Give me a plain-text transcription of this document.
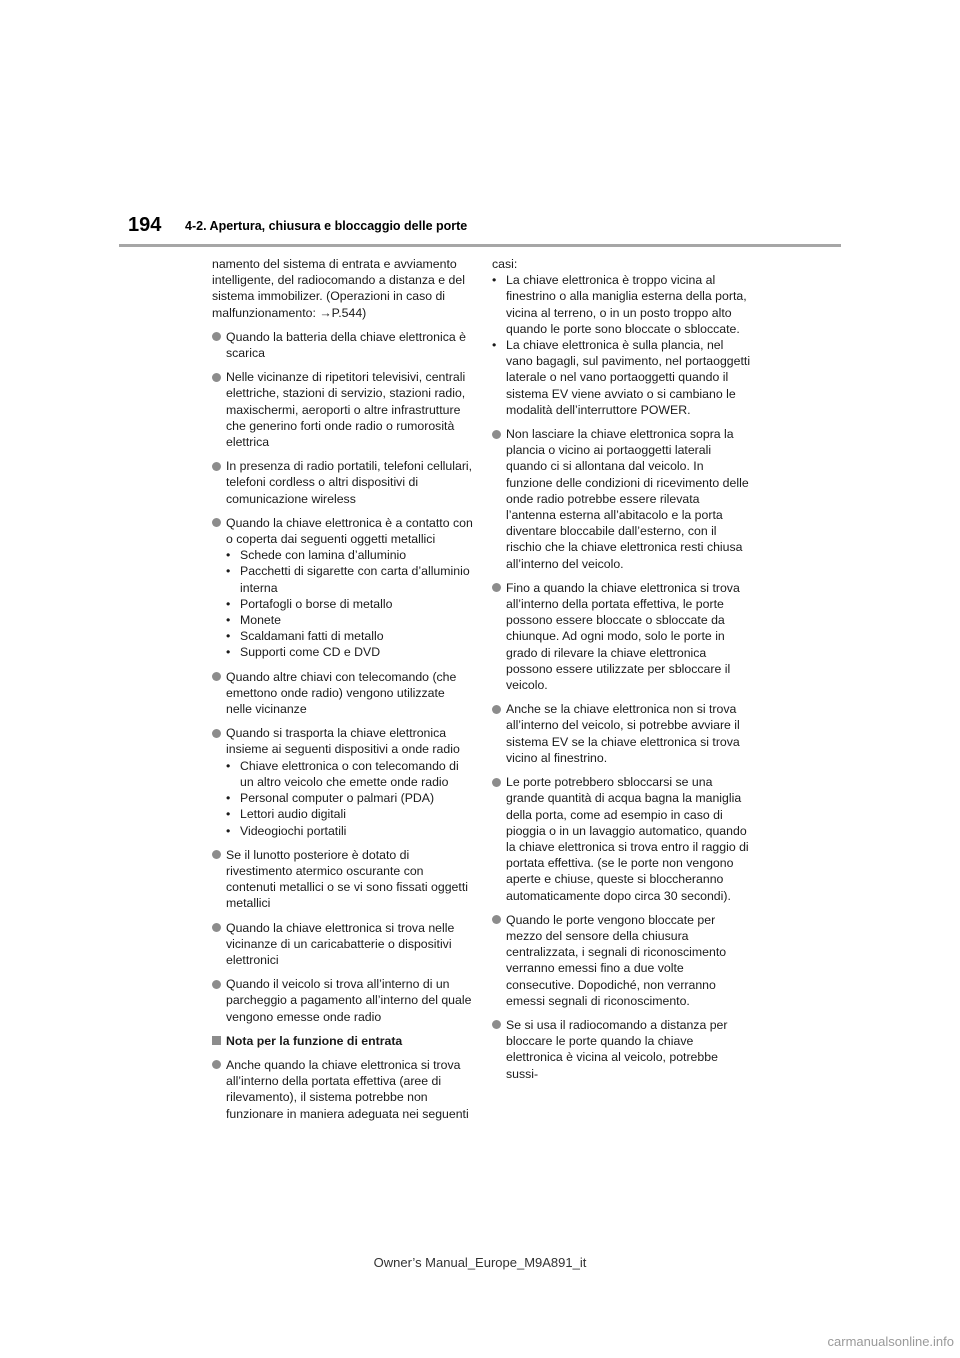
194 4-2. Apertura, chiusura e bloccaggio delle porte

namento del sistema di entrata e avviamento intelligente, del radiocomando a distanza e del sistema immobilizer. (Operazioni in caso di malfunzionamento: →P.544)

Quando la batteria della chiave elettronica è scarica

Nelle vicinanze di ripetitori televisivi, centrali elettriche, stazioni di servizio, stazioni radio, maxischermi, aeroporti o altre infrastrutture che generino forti onde radio o rumorosità elettrica

In presenza di radio portatili, telefoni cellulari, telefoni cordless o altri dispositivi di comunicazione wireless

Quando la chiave elettronica è a contatto con o coperta dai seguenti oggetti metallici

• Schede con lamina d’alluminio
• Pacchetti di sigarette con carta d’alluminio interna
• Portafogli o borse di metallo
• Monete
• Scaldamani fatti di metallo
• Supporti come CD e DVD

Quando altre chiavi con telecomando (che emettono onde radio) vengono utilizzate nelle vicinanze

Quando si trasporta la chiave elettronica insieme ai seguenti dispositivi a onde radio

• Chiave elettronica o con telecomando di un altro veicolo che emette onde radio
• Personal computer o palmari (PDA)
• Lettori audio digitali
• Videogiochi portatili

Se il lunotto posteriore è dotato di rivestimento atermico oscurante con contenuti metallici o se vi sono fissati oggetti metallici

Quando la chiave elettronica si trova nelle vicinanze di un caricabatterie o dispositivi elettronici

Quando il veicolo si trova all’interno di un parcheggio a pagamento all’interno del quale vengono emesse onde radio

Nota per la funzione di entrata

Anche quando la chiave elettronica si trova all’interno della portata effettiva (aree di rilevamento), il sistema potrebbe non funzionare in maniera adeguata nei seguenti

casi:

• La chiave elettronica è troppo vicina al finestrino o alla maniglia esterna della porta, vicina al terreno, o in un posto troppo alto quando le porte sono bloccate o sbloccate.
• La chiave elettronica è sulla plancia, nel vano bagagli, sul pavimento, nel portaoggetti laterale o nel vano portaoggetti quando il sistema EV viene avviato o si cambiano le modalità dell’interruttore POWER.

Non lasciare la chiave elettronica sopra la plancia o vicino ai portaoggetti laterali quando ci si allontana dal veicolo. In funzione delle condizioni di ricevimento delle onde radio potrebbe essere rilevata l’antenna esterna all’abitacolo e la porta diventare bloccabile dall’esterno, con il rischio che la chiave elettronica resti chiusa all’interno del veicolo.

Fino a quando la chiave elettronica si trova all’interno della portata effettiva, le porte possono essere bloccate o sbloccate da chiunque. Ad ogni modo, solo le porte in grado di rilevare la chiave elettronica possono essere utilizzate per sbloccare il veicolo.

Anche se la chiave elettronica non si trova all’interno del veicolo, si potrebbe avviare il sistema EV se la chiave elettronica si trova vicino al finestrino.

Le porte potrebbero sbloccarsi se una grande quantità di acqua bagna la maniglia della porta, come ad esempio in caso di pioggia o in un lavaggio automatico, quando la chiave elettronica si trova entro il raggio di portata effettiva. (se le porte non vengono aperte e chiuse, queste si bloccheranno automaticamente dopo circa 30 secondi).

Quando le porte vengono bloccate per mezzo del sensore della chiusura centralizzata, i segnali di riconoscimento verranno emessi fino a due volte consecutive. Dopodiché, non verranno emessi segnali di riconoscimento.

Se si usa il radiocomando a distanza per bloccare le porte quando la chiave elettronica è vicina al veicolo, potrebbe sussi-

Owner’s Manual_Europe_M9A891_it
carmanualsonline.info
